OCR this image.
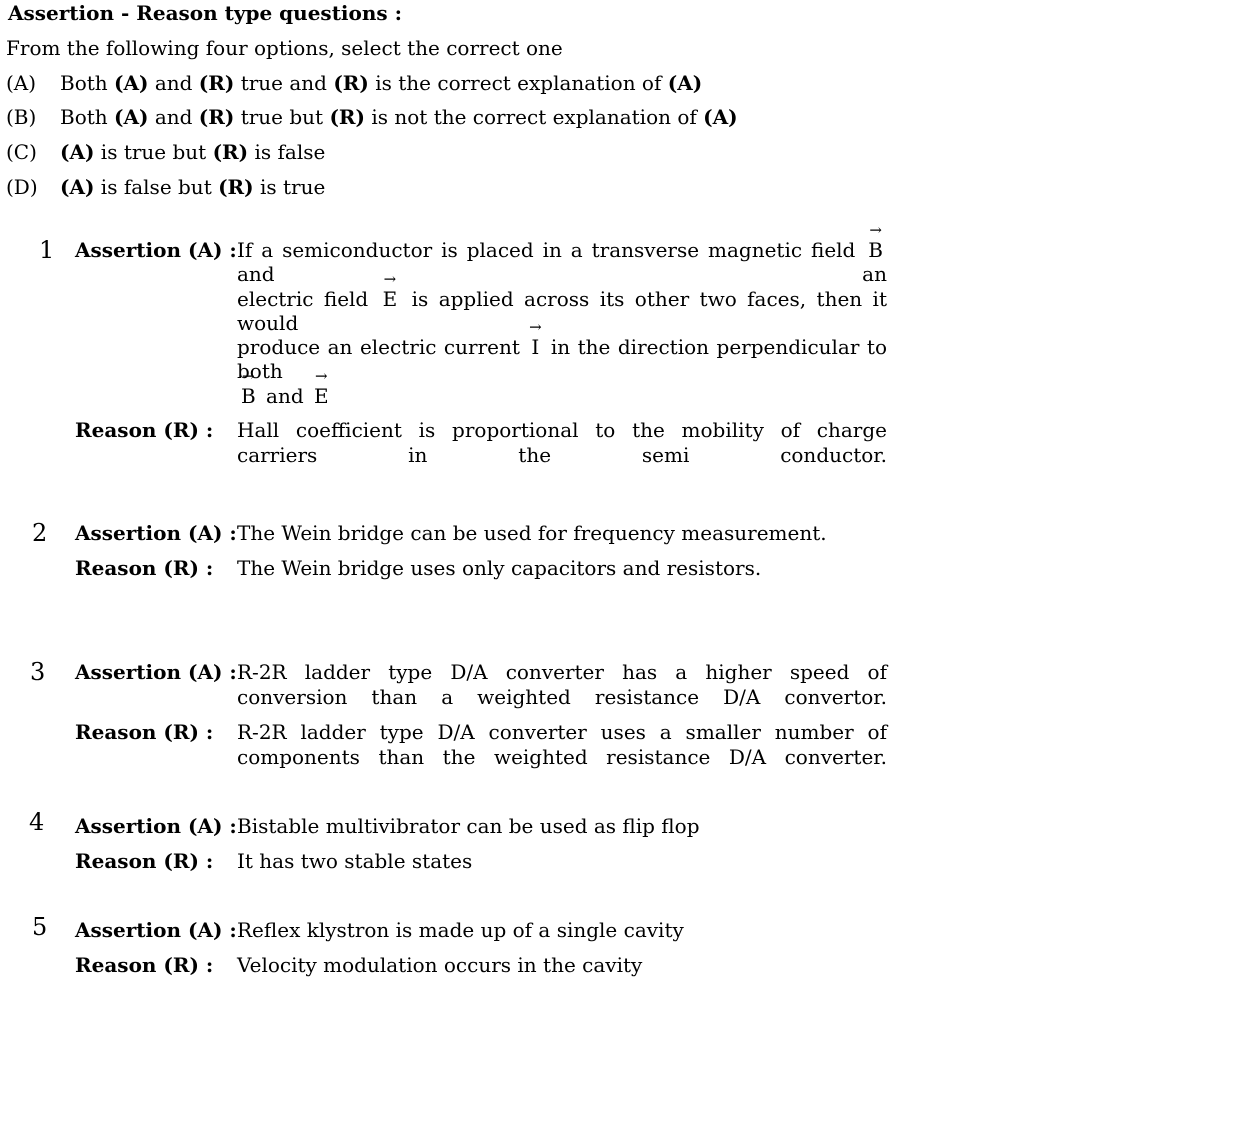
Assertion - Reason type questions :
From the following four options, select the correct one
(A) Both (A) and (R) true and (R) is the correct explanation of (A)
(B) Both (A) and (R) true but (R) is not the correct explanation of (A)
(C) (A) is true but (R) is false
(D) (A) is false but (R) is true
1 Assertion (A) : If a semiconductor is placed in a transverse magnetic field → B and an
electric field → E is applied across its other two faces, then it would
produce an electric current → I in the direction perpendicular to both
→ B and → E
Reason (R) : Hall coefficient is proportional to the mobility of charge carriers in the semi conductor.
2 Assertion (A) : The Wein bridge can be used for frequency measurement.
Reason (R) : The Wein bridge uses only capacitors and resistors.
3 Assertion (A) : R-2R ladder type D/A converter has a higher speed of conversion than a weighted resistance D/A convertor.
Reason (R) : R-2R ladder type D/A converter uses a smaller number of components than the weighted resistance D/A converter.
4 Assertion (A) : Bistable multivibrator can be used as flip flop
Reason (R) : It has two stable states
5 Assertion (A) : Reflex klystron is made up of a single cavity
Reason (R) : Velocity modulation occurs in the cavity
